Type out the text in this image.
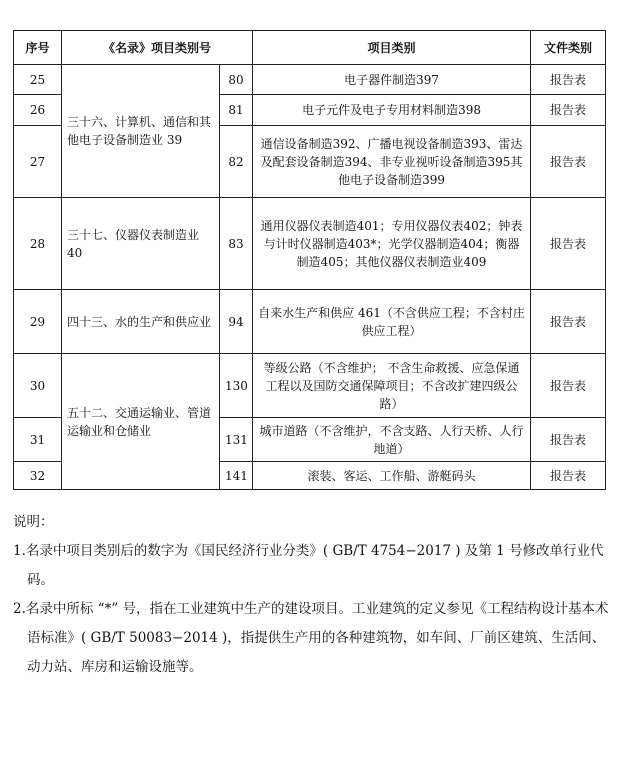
序号	《名录》项目类别号		项目类别	文件类别
25	三十六、计算机、通信和其他电子设备制造业 39	80	电子器件制造397	报告表
26		81	电子元件及电子专用材料制造398	报告表
27		82	通信设备制造392、广播电视设备制造393、雷达及配套设备制造394、非专业视听设备制造395其他电子设备制造399	报告表
28	三十七、仪器仪表制造业 40	83	通用仪器仪表制造401；专用仪器仪表402；钟表与计时仪器制造403*；光学仪器制造404；衡器制造405；其他仪器仪表制造业409	报告表
29	四十三、水的生产和供应业	94	自来水生产和供应 461（不含供应工程；不含村庄供应工程）	报告表
30	五十二、交通运输业、管道运输业和仓储业	130	等级公路（不含维护； 不含生命救援、应急保通工程以及国防交通保障项目；不含改扩建四级公路）	报告表
31		131	城市道路（不含维护，不含支路、人行天桥、人行地道）	报告表
32		141	滚装、客运、工作船、游艇码头	报告表

说明：

1.名录中项目类别后的数字为《国民经济行业分类》( GB/T 4754−2017 ) 及第 1 号修改单行业代码。

2.名录中所标 “*” 号，指在工业建筑中生产的建设项目。工业建筑的定义参见《工程结构设计基本术语标准》( GB/T 50083−2014 )，指提供生产用的各种建筑物，如车间、厂前区建筑、生活间、动力站、库房和运输设施等。
